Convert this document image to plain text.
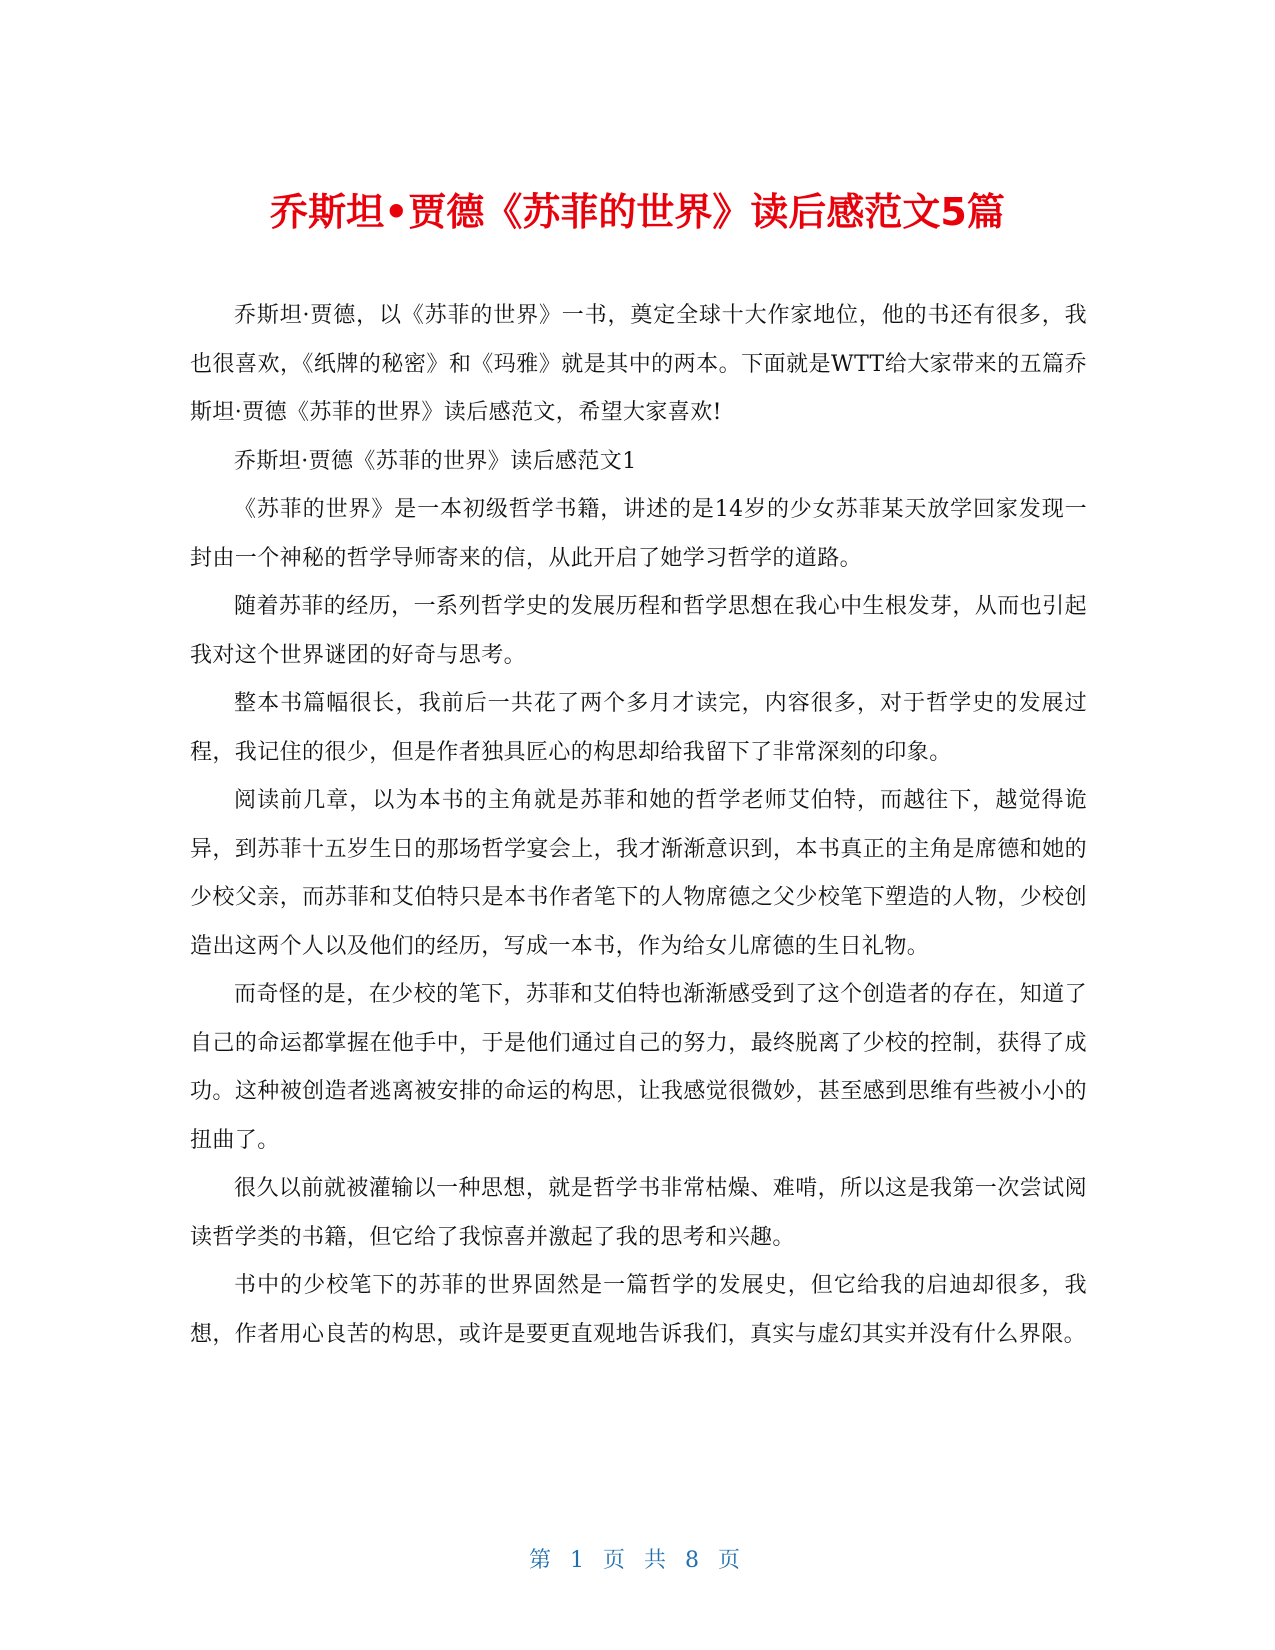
乔斯坦•贾德《苏菲的世界》读后感范文5篇

乔斯坦·贾德，以《苏菲的世界》一书，奠定全球十大作家地位，他的书还有很多，我也很喜欢，《纸牌的秘密》和《玛雅》就是其中的两本。下面就是WTT给大家带来的五篇乔斯坦·贾德《苏菲的世界》读后感范文，希望大家喜欢!

乔斯坦·贾德《苏菲的世界》读后感范文1

《苏菲的世界》是一本初级哲学书籍，讲述的是14岁的少女苏菲某天放学回家发现一封由一个神秘的哲学导师寄来的信，从此开启了她学习哲学的道路。

随着苏菲的经历，一系列哲学史的发展历程和哲学思想在我心中生根发芽，从而也引起我对这个世界谜团的好奇与思考。

整本书篇幅很长，我前后一共花了两个多月才读完，内容很多，对于哲学史的发展过程，我记住的很少，但是作者独具匠心的构思却给我留下了非常深刻的印象。

阅读前几章，以为本书的主角就是苏菲和她的哲学老师艾伯特，而越往下，越觉得诡异，到苏菲十五岁生日的那场哲学宴会上，我才渐渐意识到，本书真正的主角是席德和她的少校父亲，而苏菲和艾伯特只是本书作者笔下的人物席德之父少校笔下塑造的人物，少校创造出这两个人以及他们的经历，写成一本书，作为给女儿席德的生日礼物。

而奇怪的是，在少校的笔下，苏菲和艾伯特也渐渐感受到了这个创造者的存在，知道了自己的命运都掌握在他手中，于是他们通过自己的努力，最终脱离了少校的控制，获得了成功。这种被创造者逃离被安排的命运的构思，让我感觉很微妙，甚至感到思维有些被小小的扭曲了。

很久以前就被灌输以一种思想，就是哲学书非常枯燥、难啃，所以这是我第一次尝试阅读哲学类的书籍，但它给了我惊喜并激起了我的思考和兴趣。

书中的少校笔下的苏菲的世界固然是一篇哲学的发展史，但它给我的启迪却很多，我想，作者用心良苦的构思，或许是要更直观地告诉我们，真实与虚幻其实并没有什么界限。

第 1 页 共 8 页
